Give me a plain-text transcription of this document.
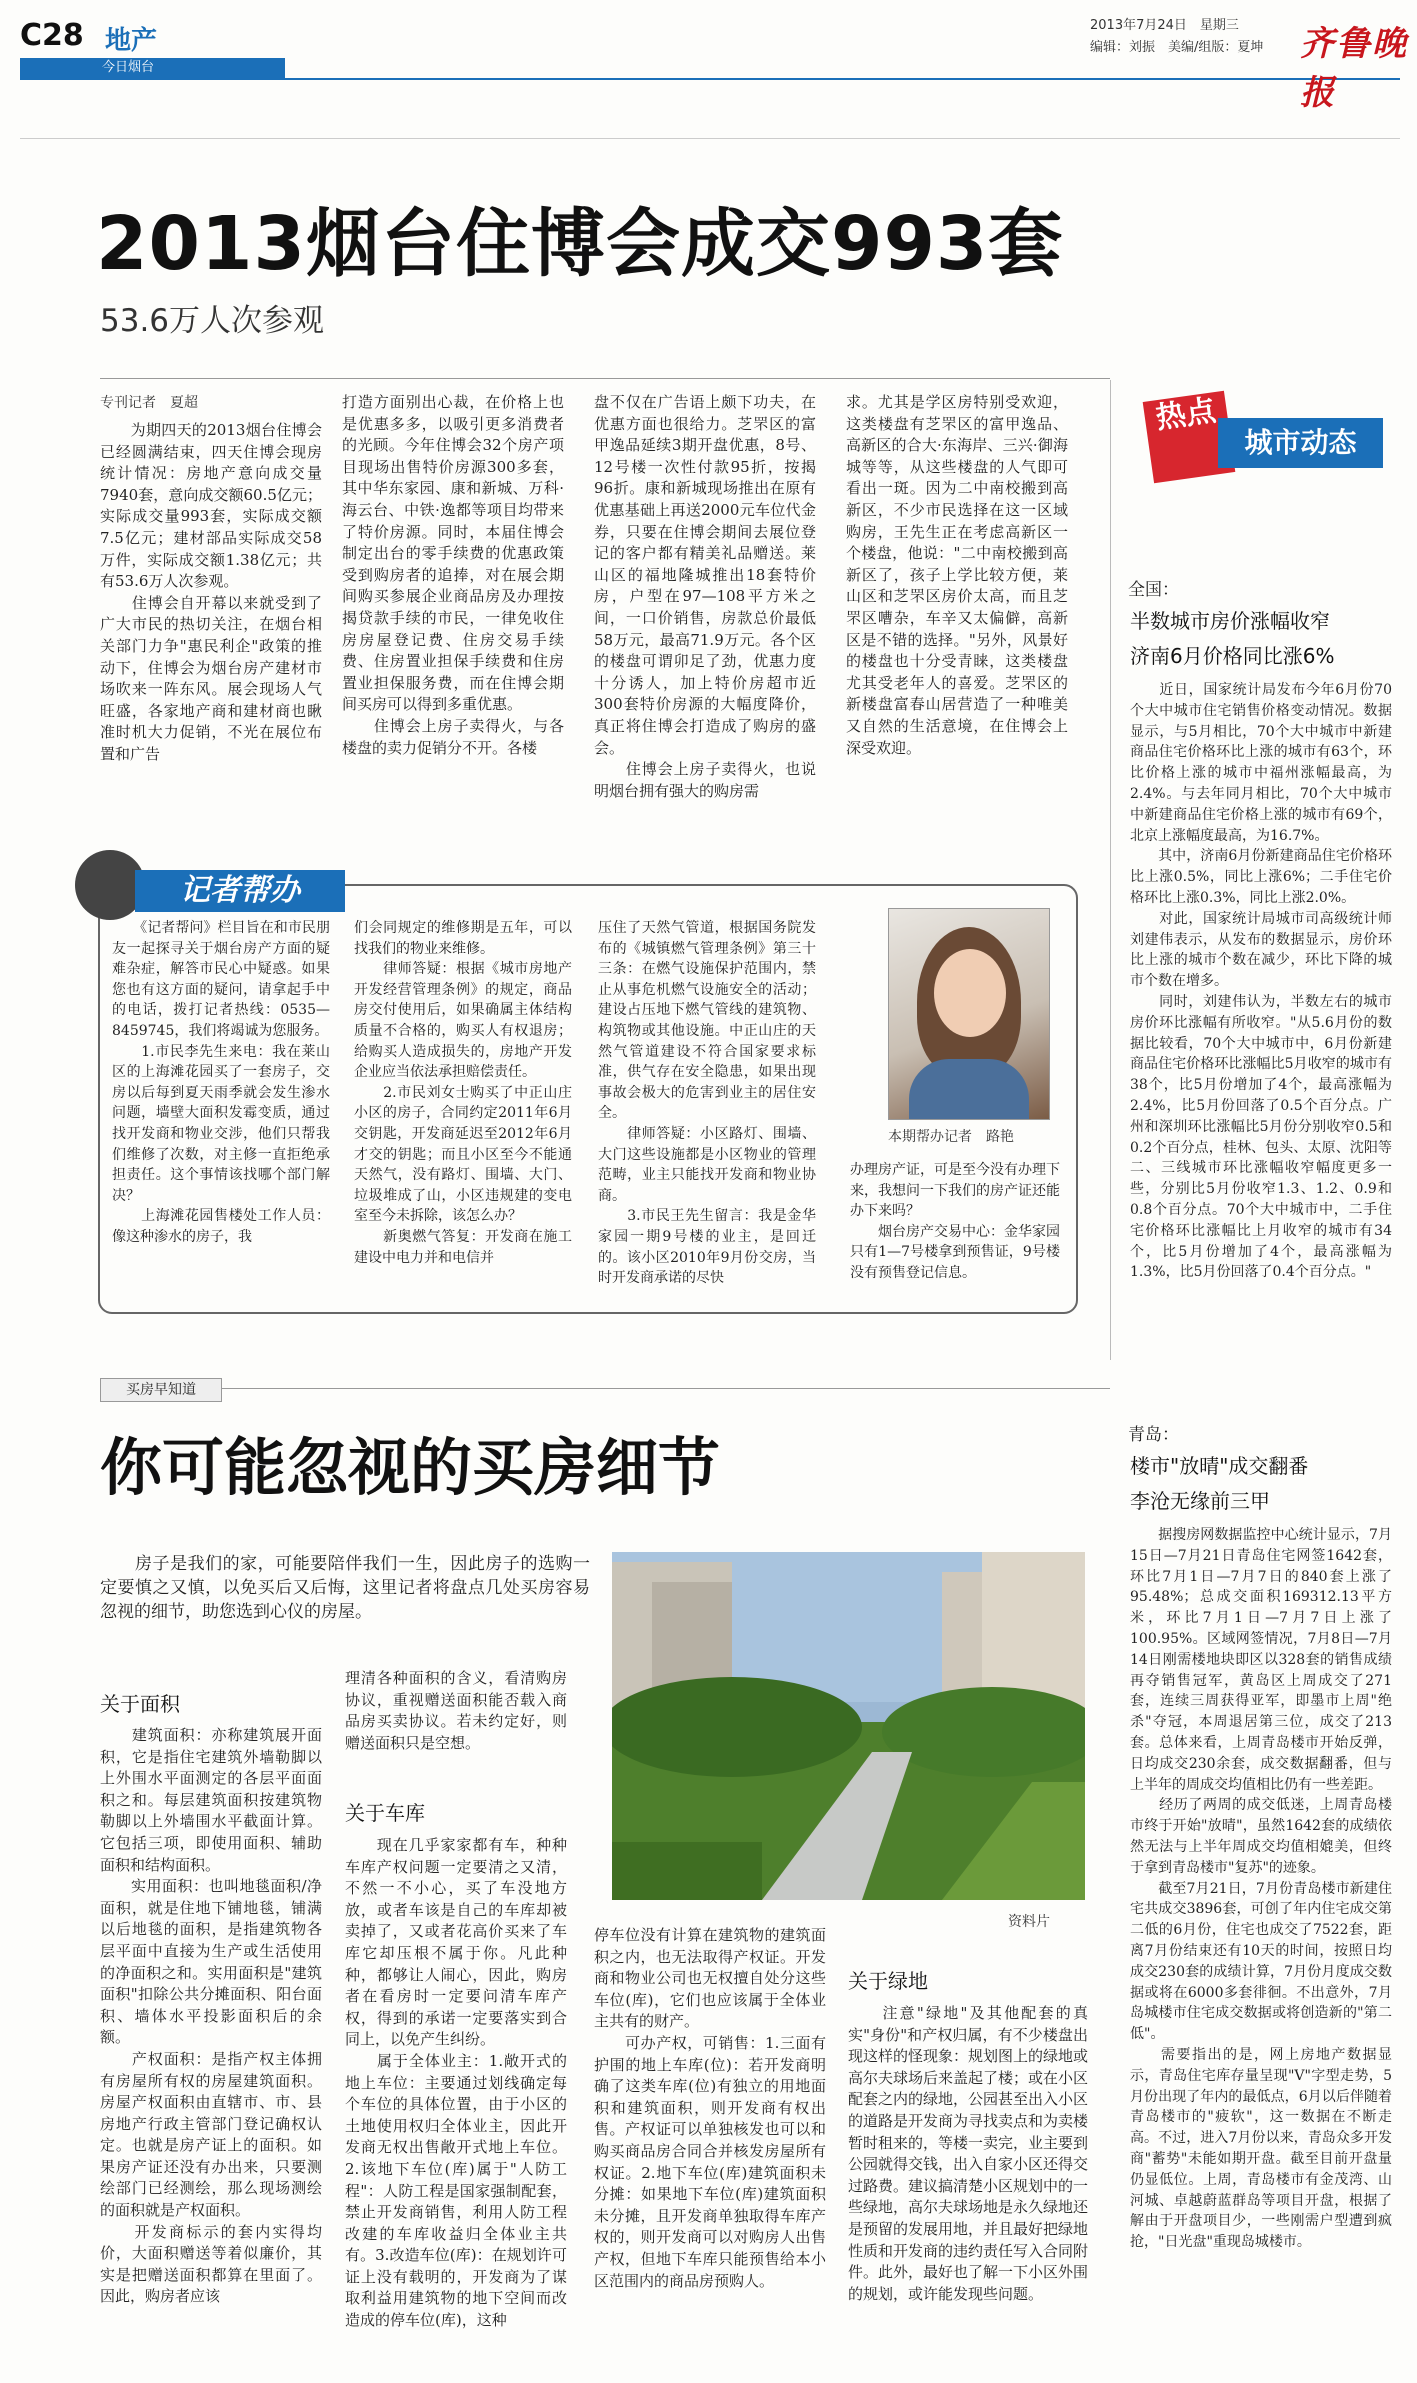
C28 地产
今日烟台
2013年7月24日　星期三
编辑：刘振　美编/组版：夏坤 齐鲁晚报
2013烟台住博会成交993套
53.6万人次参观
专刊记者　夏超
　　为期四天的2013烟台住博会已经圆满结束，四天住博会现房统计情况：房地产意向成交量7940套，意向成交额60.5亿元；实际成交量993套，实际成交额7.5亿元；建材部品实际成交58万件，实际成交额1.38亿元；共有53.6万人次参观。
　　住博会自开幕以来就受到了广大市民的热切关注，在烟台相关部门力争"惠民利企"政策的推动下，住博会为烟台房产建材市场吹来一阵东风。展会现场人气旺盛，各家地产商和建材商也瞅准时机大力促销，不光在展位布置和广告
打造方面别出心裁，在价格上也是优惠多多，以吸引更多消费者的光顾。今年住博会32个房产项目现场出售特价房源300多套，其中华东家园、康和新城、万科·海云台、中铁·逸都等项目均带来了特价房源。同时，本届住博会制定出台的零手续费的优惠政策受到购房者的追捧，对在展会期间购买参展企业商品房及办理按揭贷款手续的市民，一律免收住房房屋登记费、住房交易手续费、住房置业担保手续费和住房置业担保服务费，而在住博会期间买房可以得到多重优惠。
　　住博会上房子卖得火，与各楼盘的卖力促销分不开。各楼
盘不仅在广告语上颇下功夫，在优惠方面也很给力。芝罘区的富甲逸品延续3期开盘优惠，8号、12号楼一次性付款95折，按揭96折。康和新城现场推出在原有优惠基础上再送2000元车位代金券，只要在住博会期间去展位登记的客户都有精美礼品赠送。莱山区的福地隆城推出18套特价房，户型在97—108平方米之间，一口价销售，房款总价最低58万元，最高71.9万元。各个区的楼盘可谓卯足了劲，优惠力度十分诱人，加上特价房超市近300套特价房源的大幅度降价，真正将住博会打造成了购房的盛会。
　　住博会上房子卖得火，也说明烟台拥有强大的购房需
求。尤其是学区房特别受欢迎，这类楼盘有芝罘区的富甲逸品、高新区的合大·东海岸、三兴·御海城等等，从这些楼盘的人气即可看出一斑。因为二中南校搬到高新区，不少市民选择在这一区域购房，王先生正在考虑高新区一个楼盘，他说："二中南校搬到高新区了，孩子上学比较方便，莱山区和芝罘区房价太高，而且芝罘区嘈杂，车辛又太偏僻，高新区是不错的选择。"另外，风景好的楼盘也十分受青睐，这类楼盘尤其受老年人的喜爱。芝罘区的新楼盘富春山居营造了一种唯美又自然的生活意境，在住博会上深受欢迎。
热点
城市动态
全国：
半数城市房价涨幅收窄
济南6月价格同比涨6%
　　近日，国家统计局发布今年6月份70个大中城市住宅销售价格变动情况。数据显示，与5月相比，70个大中城市中新建商品住宅价格环比上涨的城市有63个，环比价格上涨的城市中福州涨幅最高，为2.4%。与去年同月相比，70个大中城市中新建商品住宅价格上涨的城市有69个，北京上涨幅度最高，为16.7%。
　　其中，济南6月份新建商品住宅价格环比上涨0.5%，同比上涨6%；二手住宅价格环比上涨0.3%，同比上涨2.0%。
　　对此，国家统计局城市司高级统计师刘建伟表示，从发布的数据显示，房价环比上涨的城市个数在减少，环比下降的城市个数在增多。
　　同时，刘建伟认为，半数左右的城市房价环比涨幅有所收窄。"从5.6月份的数据比较看，70个大中城市中，6月份新建商品住宅价格环比涨幅比5月收窄的城市有38个，比5月份增加了4个，最高涨幅为2.4%，比5月份回落了0.5个百分点。广州和深圳环比涨幅比5月份分别收窄0.5和0.2个百分点，桂林、包头、太原、沈阳等二、三线城市环比涨幅收窄幅度更多一些，分别比5月份收窄1.3、1.2、0.9和0.8个百分点。70个大中城市中，二手住宅价格环比涨幅比上月收窄的城市有34个，比5月份增加了4个，最高涨幅为1.3%，比5月份回落了0.4个百分点。"
青岛：
楼市"放晴"成交翻番
李沧无缘前三甲
　　据搜房网数据监控中心统计显示，7月15日—7月21日青岛住宅网签1642套，环比7月1日—7月7日的840套上涨了95.48%；总成交面积169312.13平方米，环比7月1日—7月7日上涨了100.95%。区域网签情况，7月8日—7月14日刚需楼地块即区以328套的销售成绩再夺销售冠军，黄岛区上周成交了271套，连续三周获得亚军，即墨市上周"绝杀"夺冠，本周退居第三位，成交了213套。总体来看，上周青岛楼市开始反弹，日均成交230余套，成交数据翻番，但与上半年的周成交均值相比仍有一些差距。
　　经历了两周的成交低迷，上周青岛楼市终于开始"放晴"，虽然1642套的成绩依然无法与上半年周成交均值相媲美，但终于拿到青岛楼市"复苏"的迹象。
　　截至7月21日，7月份青岛楼市新建住宅共成交3896套，可创了年内住宅成交第二低的6月份，住宅也成交了7522套，距离7月份结束还有10天的时间，按照日均成交230套的成绩计算，7月份月度成交数据或将在6000多套徘徊。不出意外，7月岛城楼市住宅成交数据或将创造新的"第二低"。
　　需要指出的是，网上房地产数据显示，青岛住宅库存量呈现"V"字型走势，5月份出现了年内的最低点，6月以后伴随着青岛楼市的"疲软"，这一数据在不断走高。不过，进入7月份以来，青岛众多开发商"蓄势"未能如期开盘。截至目前开盘量仍显低位。上周，青岛楼市有金茂湾、山河城、卓越蔚蓝群岛等项目开盘，根据了解由于开盘项目少，一些刚需户型遭到疯抢，"日光盘"重现岛城楼市。
记者帮办
　　《记者帮问》栏目旨在和市民朋友一起探寻关于烟台房产方面的疑难杂症，解答市民心中疑惑。如果您也有这方面的疑问，请拿起手中的电话，拨打记者热线：0535—8459745，我们将竭诚为您服务。
　　1.市民李先生来电：我在莱山区的上海滩花园买了一套房子，交房以后每到夏天雨季就会发生渗水问题，墙壁大面积发霉变质，通过找开发商和物业交涉，他们只帮我们维修了次数，对主修一直拒绝承担责任。这个事情该找哪个部门解决？
　　上海滩花园售楼处工作人员：像这种渗水的房子，我
们会同规定的维修期是五年，可以找我们的物业来维修。
　　律师答疑：根据《城市房地产开发经营管理条例》的规定，商品房交付使用后，如果确属主体结构质量不合格的，购买人有权退房；给购买人造成损失的，房地产开发企业应当依法承担赔偿责任。
　　2.市民刘女士购买了中正山庄小区的房子，合同约定2011年6月交钥匙，开发商延迟至2012年6月才交的钥匙；而且小区至今不能通天然气，没有路灯、围墙、大门、垃圾堆成了山，小区违规建的变电室至今未拆除，该怎么办？
　　新奥燃气答复：开发商在施工建设中电力并和电信并
压住了天然气管道，根据国务院发布的《城镇燃气管理条例》第三十三条：在燃气设施保护范围内，禁止从事危机燃气设施安全的活动；建设占压地下燃气管线的建筑物、构筑物或其他设施。中正山庄的天然气管道建设不符合国家要求标准，供气存在安全隐患，如果出现事故会极大的危害到业主的居住安全。
　　律师答疑：小区路灯、围墙、大门这些设施都是小区物业的管理范畴，业主只能找开发商和物业协商。
　　3.市民王先生留言：我是金华家园一期9号楼的业主，是回迁的。该小区2010年9月份交房，当时开发商承诺的尽快
本期帮办记者　路艳
办理房产证，可是至今没有办理下来，我想问一下我们的房产证还能办下来吗？
　　烟台房产交易中心：金华家园只有1—7号楼拿到预售证，9号楼没有预售登记信息。
买房早知道
你可能忽视的买房细节
　　房子是我们的家，可能要陪伴我们一生，因此房子的选购一定要慎之又慎，以免买后又后悔，这里记者将盘点几处买房容易忽视的细节，助您选到心仪的房屋。
关于面积
　　建筑面积：亦称建筑展开面积，它是指住宅建筑外墙勒脚以上外围水平面测定的各层平面面积之和。每层建筑面积按建筑物勒脚以上外墙围水平截面计算。它包括三项，即使用面积、辅助面积和结构面积。
　　实用面积：也叫地毯面积/净面积，就是住地下铺地毯，铺满以后地毯的面积，是指建筑物各层平面中直接为生产或生活使用的净面积之和。实用面积是"建筑面积"扣除公共分摊面积、阳台面积、墙体水平投影面积后的余额。
　　产权面积：是指产权主体拥有房屋所有权的房屋建筑面积。房屋产权面积由直辖市、市、县房地产行政主管部门登记确权认定。也就是房产证上的面积。如果房产证还没有办出来，只要测绘部门已经测绘，那么现场测绘的面积就是产权面积。
　　开发商标示的套内实得均价，大面积赠送等着似廉价，其实是把赠送面积都算在里面了。因此，购房者应该
理清各种面积的含义，看清购房协议，重视赠送面积能否载入商品房买卖协议。若未约定好，则赠送面积只是空想。
关于车库
　　现在几乎家家都有车，种种车库产权问题一定要清之又清，不然一不小心，买了车没地方放，或者车该是自己的车库却被卖掉了，又或者花高价买来了车库它却压根不属于你。凡此种种，都够让人闹心，因此，购房者在看房时一定要问清车库产权，得到的承诺一定要落实到合同上，以免产生纠纷。
　　属于全体业主：1.敞开式的地上车位：主要通过划线确定每个车位的具体位置，由于小区的土地使用权归全体业主，因此开发商无权出售敞开式地上车位。2.该地下车位(库)属于"人防工程"：人防工程是国家强制配套，禁止开发商销售，利用人防工程改建的车库收益归全体业主共有。3.改造车位(库)：在规划许可证上没有载明的，开发商为了谋取利益用建筑物的地下空间而改造成的停车位(库)，这种
资料片
停车位没有计算在建筑物的建筑面积之内，也无法取得产权证。开发商和物业公司也无权擅自处分这些车位(库)，它们也应该属于全体业主共有的财产。
　　可办产权，可销售：1.三面有护围的地上车库(位)：若开发商明确了这类车库(位)有独立的用地面积和建筑面积，则开发商有权出售。产权证可以单独核发也可以和购买商品房合同合并核发房屋所有权证。2.地下车位(库)建筑面积未分摊：如果地下车位(库)建筑面积未分摊，且开发商单独取得车库产权的，则开发商可以对购房人出售产权，但地下车库只能预售给本小区范围内的商品房预购人。
关于绿地
　　注意"绿地"及其他配套的真实"身份"和产权归属，有不少楼盘出现这样的怪现象：规划图上的绿地或高尔夫球场后来盖起了楼；或在小区配套之内的绿地，公园甚至出入小区的道路是开发商为寻找卖点和为卖楼暂时租来的，等楼一卖完，业主要到公园就得交钱，出入自家小区还得交过路费。建议搞清楚小区规划中的一些绿地，高尔夫球场地是永久绿地还是预留的发展用地，并且最好把绿地性质和开发商的违约责任写入合同附件。此外，最好也了解一下小区外围的规划，或许能发现些问题。
